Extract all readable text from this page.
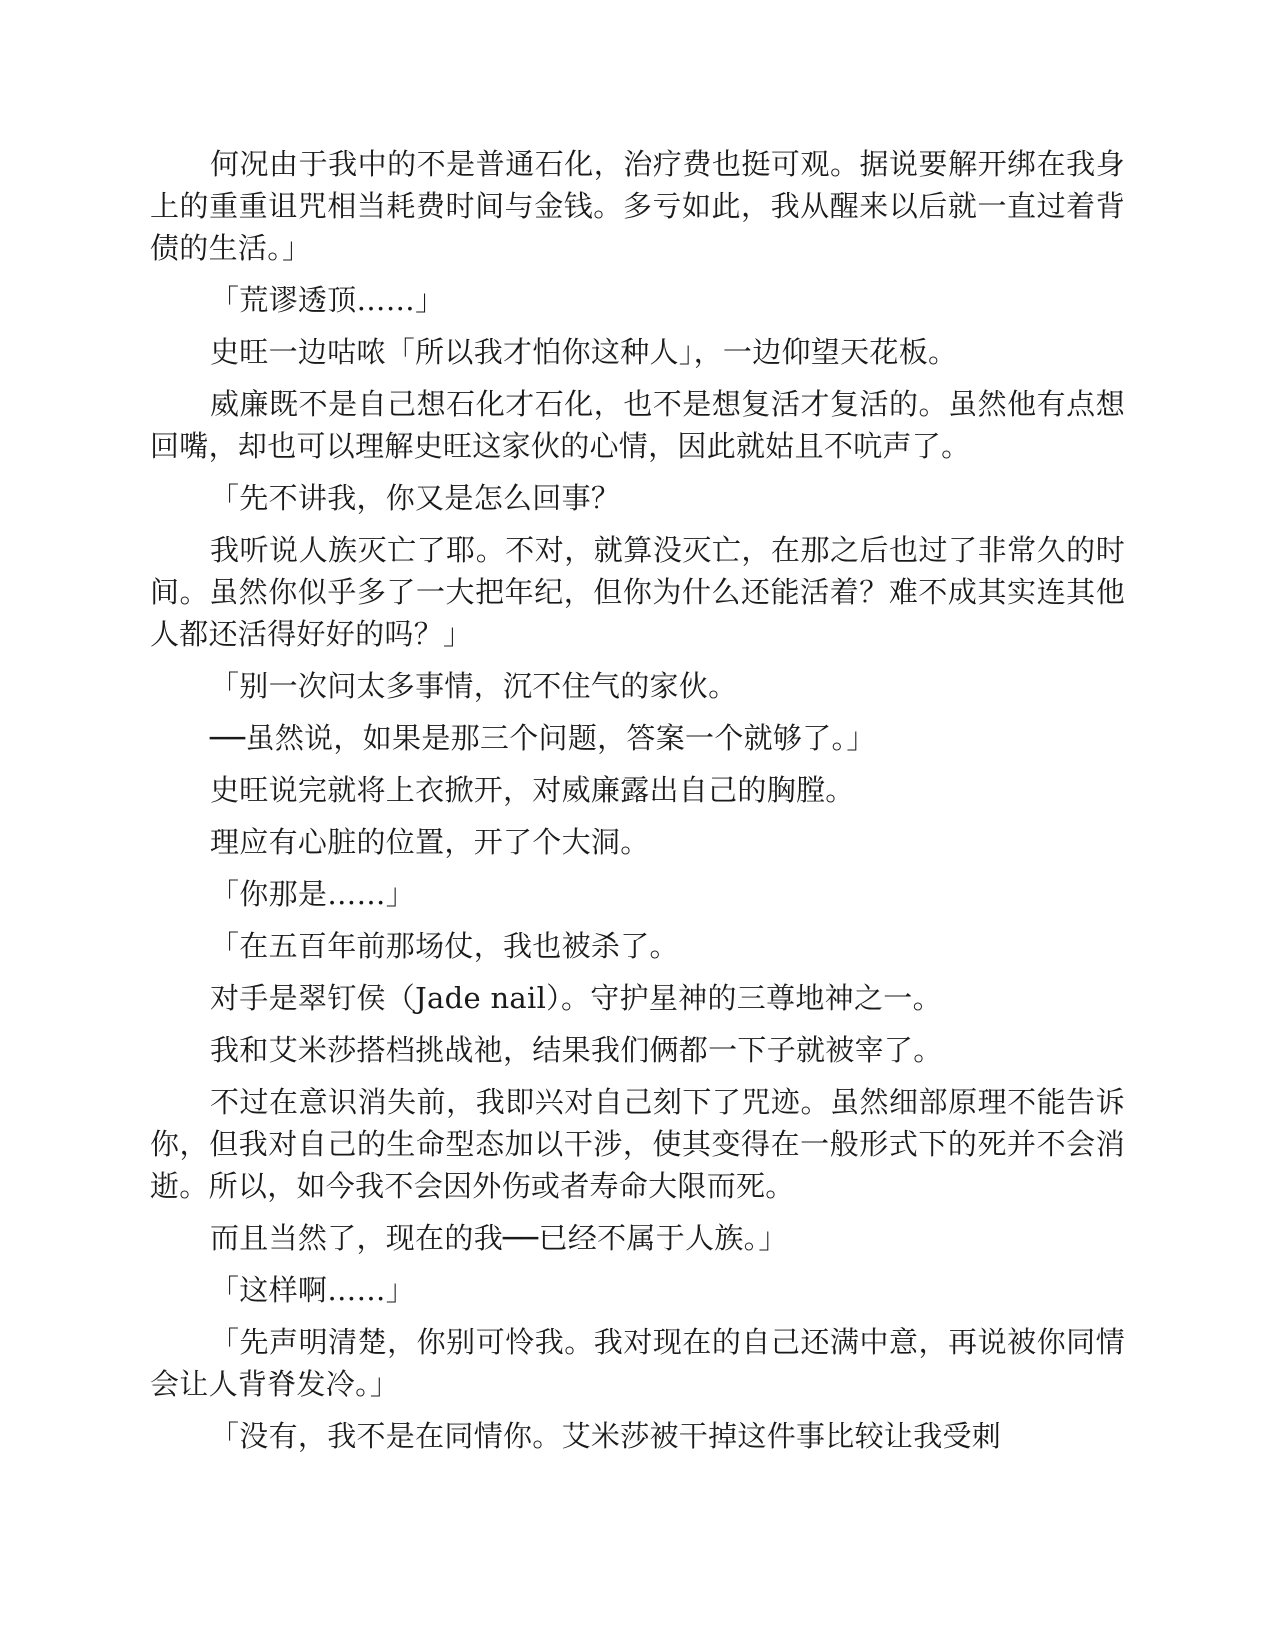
何况由于我中的不是普通石化，治疗费也挺可观。据说要解开绑在我身上的重重诅咒相当耗费时间与金钱。多亏如此，我从醒来以后就一直过着背债的生活。」

「荒谬透顶……」

史旺一边咕哝「所以我才怕你这种人」，一边仰望天花板。

威廉既不是自己想石化才石化，也不是想复活才复活的。虽然他有点想回嘴，却也可以理解史旺这家伙的心情，因此就姑且不吭声了。

「先不讲我，你又是怎么回事？

我听说人族灭亡了耶。不对，就算没灭亡，在那之后也过了非常久的时间。虽然你似乎多了一大把年纪，但你为什么还能活着？难不成其实连其他人都还活得好好的吗？」

「别一次问太多事情，沉不住气的家伙。

──虽然说，如果是那三个问题，答案一个就够了。」

史旺说完就将上衣掀开，对威廉露出自己的胸膛。

理应有心脏的位置，开了个大洞。

「你那是……」

「在五百年前那场仗，我也被杀了。

对手是翠钉侯（Jade nail）。守护星神的三尊地神之一。

我和艾米莎搭档挑战祂，结果我们俩都一下子就被宰了。

不过在意识消失前，我即兴对自己刻下了咒迹。虽然细部原理不能告诉你，但我对自己的生命型态加以干涉，使其变得在一般形式下的死并不会消逝。所以，如今我不会因外伤或者寿命大限而死。

而且当然了，现在的我──已经不属于人族。」

「这样啊……」

「先声明清楚，你别可怜我。我对现在的自己还满中意，再说被你同情会让人背脊发冷。」

「没有，我不是在同情你。艾米莎被干掉这件事比较让我受刺
